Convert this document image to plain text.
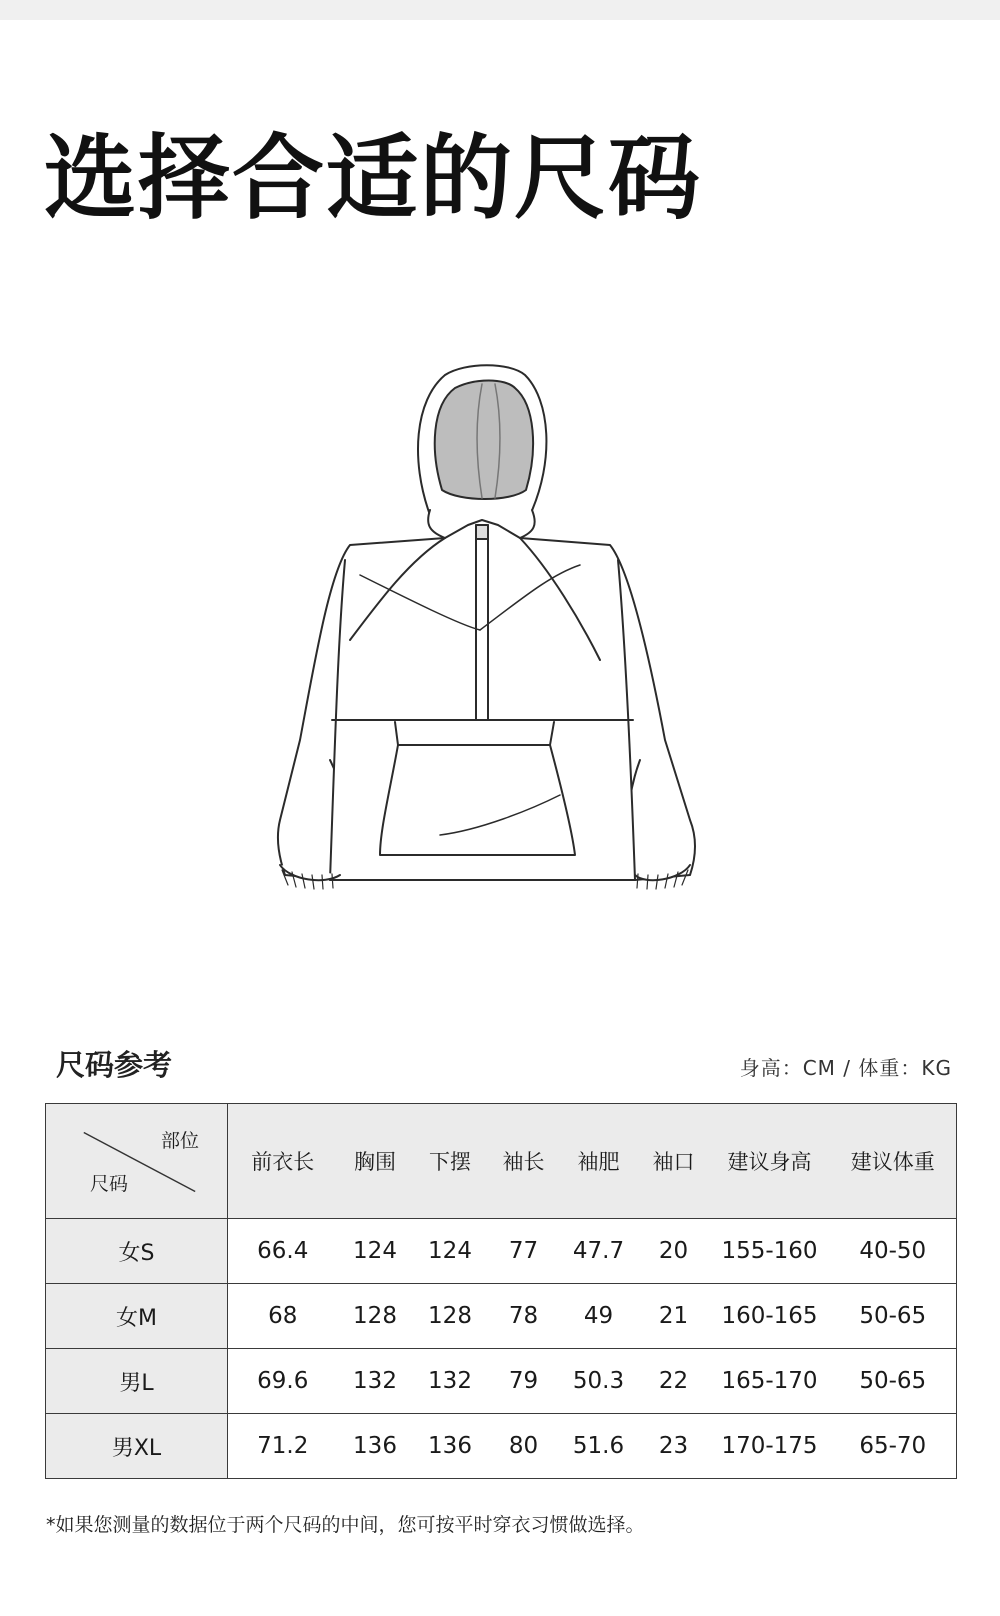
选择合适的尺码
尺码参考	身高：CM / 体重：KG
部位
尺码	前衣长	胸围	下摆	袖长	袖肥	袖口	建议身高	建议体重
女S	66.4	124	124	77	47.7	20	155-160	40-50
女M	68	128	128	78	49	21	160-165	50-65
男L	69.6	132	132	79	50.3	22	165-170	50-65
男XL	71.2	136	136	80	51.6	23	170-175	65-70
*如果您测量的数据位于两个尺码的中间，您可按平时穿衣习惯做选择。
